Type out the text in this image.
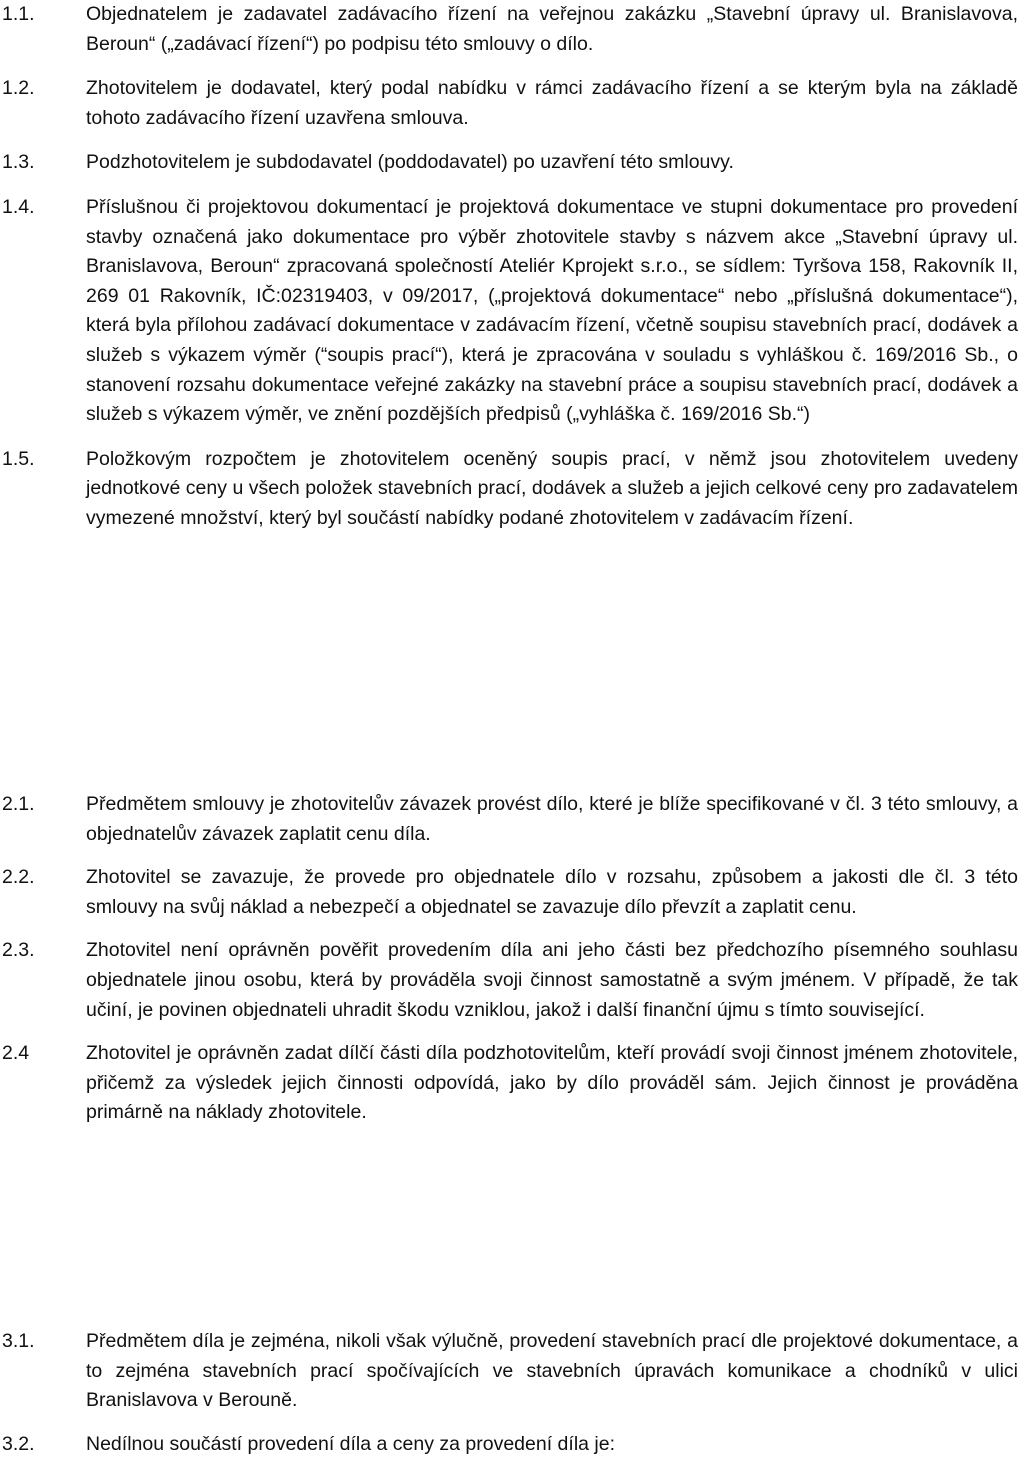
1.1.	Objednatelem je zadavatel zadávacího řízení na veřejnou zakázku „Stavební úpravy ul. Branislavova, Beroun“ („zadávací řízení“) po podpisu této smlouvy o dílo.

1.2.	Zhotovitelem je dodavatel, který podal nabídku v rámci zadávacího řízení a se kterým byla na základě tohoto zadávacího řízení uzavřena smlouva.

1.3.	Podzhotovitelem je subdodavatel (poddodavatel) po uzavření této smlouvy.

1.4.	Příslušnou či projektovou dokumentací je projektová dokumentace ve stupni dokumentace pro provedení stavby označená jako dokumentace pro výběr zhotovitele stavby s názvem akce „Stavební úpravy ul. Branislavova, Beroun“ zpracovaná společností Ateliér Kprojekt s.r.o., se sídlem: Tyršova 158, Rakovník II, 269 01 Rakovník, IČ:02319403, v 09/2017, („projektová dokumentace“ nebo „příslušná dokumentace“), která byla přílohou zadávací dokumentace v zadávacím řízení, včetně soupisu stavebních prací, dodávek a služeb s výkazem výměr (“soupis prací“), která je zpracována v souladu s vyhláškou č. 169/2016 Sb., o stanovení rozsahu dokumentace veřejné zakázky na stavební práce a soupisu stavebních prací, dodávek a služeb s výkazem výměr, ve znění pozdějších předpisů („vyhláška č. 169/2016 Sb.“)

1.5.	Položkovým rozpočtem je zhotovitelem oceněný soupis prací, v němž jsou zhotovitelem uvedeny jednotkové ceny u všech položek stavebních prací, dodávek a služeb a jejich celkové ceny pro zadavatelem vymezené množství, který byl součástí nabídky podané zhotovitelem v zadávacím řízení.

2.1.	Předmětem smlouvy je zhotovitelův závazek provést dílo, které je blíže specifikované v čl. 3 této smlouvy, a objednatelův závazek zaplatit cenu díla.

2.2.	Zhotovitel se zavazuje, že provede pro objednatele dílo v rozsahu, způsobem a jakosti dle čl. 3 této smlouvy na svůj náklad a nebezpečí a objednatel se zavazuje dílo převzít a zaplatit cenu.

2.3.	Zhotovitel není oprávněn pověřit provedením díla ani jeho části bez předchozího písemného souhlasu objednatele jinou osobu, která by prováděla svoji činnost samostatně a svým jménem. V případě, že tak učiní, je povinen objednateli uhradit škodu vzniklou, jakož i další finanční újmu s tímto související.

2.4	Zhotovitel je oprávněn zadat dílčí části díla podzhotovitelům, kteří provádí svoji činnost jménem zhotovitele, přičemž za výsledek jejich činnosti odpovídá, jako by dílo prováděl sám. Jejich činnost je prováděna primárně na náklady zhotovitele.

3.1.	Předmětem díla je zejména, nikoli však výlučně, provedení stavebních prací dle projektové dokumentace, a to zejména stavebních prací spočívajících ve stavebních úpravách komunikace a chodníků v ulici Branislavova v Berouně.

3.2.	Nedílnou součástí provedení díla a ceny za provedení díla je:
